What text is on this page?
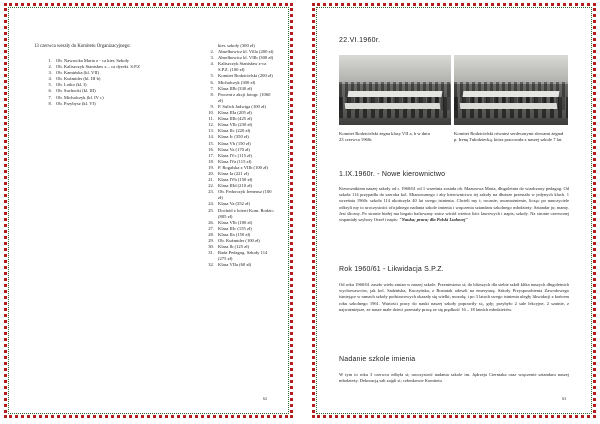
13 czerwca weszły do Komitetu Organizacyjnego:
1. Ob. Nawrocka Maria z - ca kier. Szkoły
2. Ob. Kaliszczyk Stanisław z – ca dyrekt. S.P.Z
3. Ob. Kamińska (kl. VII)
4. Ob. Kuźmider (kl. III b)
5. Ob. Lotko (kl. I)
6. Ob. Suchocki (kl. III)
7. Ob. Michalczyk (kl. IV c)
8. Ob. Przybysz (kl. VI)
kier. szkoły (300 zł)
2. Abselbowicz kl. Villa (200 zł)
3. Abselbowicz kl. VIIb (300 zł)
4. Kaliszczyk Stanisław z-ca S.P.Z. (100 zł)
5. Komitet Rodzicielski (200 zł)
6. Michalczyk (300 zł)
7. Klasa IIIb (330 zł)
8. Procent z akcji fotogr. (1060 zł)
9. P. Sulich Jadwiga (100 zł)
10. Klasa IIIa (205 zł)
11. Klasa IIIb (425 zł)
12. Klasa VIb (230 zł)
13. Klasa IIc (220 zł)
14. Klasa Ic (350 zł)
15. Klasa Vb (150 zł)
16. Klasa Va (170 zł)
17. Klasa IVc (115 zł)
18. Klasa IVa (115 zł)
19. P. Rogalska z VIIb (100 zł)
20. Klasa Ia (221 zł)
21. Klasa IVb (150 zł)
22. Klasa IIId (210 zł)
23. Ob. Fedorczyk Ireneusz (100 zł)
24. Klasa Va (352 zł)
25. Dochód z loterii Kom. Rodzic. (805 zł)
26. Klasa VIb (180 zł)
27. Klasa IIIc (155 zł)
28. Klasa IIa (150 zł)
29. Ob. Kuźmider (100 zł)
30. Klasa Ib (125 zł)
31. Rada Pedagog. Szkoły 114 (275 zł)
32. Klasa VIIa (60 zł)
62
22.VI.1960r.
Komitet Rodzicielski żegna klasy VII a, b w dniu 23 czerwca 1960r.
Komitet Rodzicielski również serdecznymi słowami żegnał p. Irenę Tułodziecką, która pracowała z naszej szkole 7 lat.
1.IX.1960r. - Nowe kierownictwo
Kierownikiem naszej szkoły od r. 1960/61 od 1 września została ob. Mazurowa Maria, długoletnia do wiadczony pedagog. Od szkoła 114 przypadła do szeroka kol. Mianowanego i aby kierownictwo tej szkoły na dłuższe przestało w jedynych klach. 1 września 1960r. szkoła 114 ukończyła 40 lat swego istnienia. Chcieli my t; rocznie; uwzmożnienie, licząc po nauczyciele odkryli my to uroczystości oficjalnego nadania szkole imienia i wręczenia sztandaru szkolnego młodzieży. Sztandar ju; mamy. Jest śliczny. Po stronie białej ma bogato haftowany znicz wśród wieńca liści laurowych i napis; szkoły. Na stronie czerwonej wspaniały szybory Orzeł i napis: "Nauka; praca; dla Polski Ludowej"
Rok 1960/61 - Likwidacja S.P.Z.
Od roku 1960/61 zaszło wielu zmian w naszej szkole. Przeniesiono si; do bliższych dla siebie szkół klika naszych długoletnich wychowawców, jak kol. Sadzińska, Kuczyńska, z Rosiniak odeszli na emeryturę. Szkoły Przysposobienia Zawodowego istniejące w ramach szkoły podstawowych okazały się wielki; mozolę; i po 3 latach swego istnienia uległy likwidacji z końcem roku szkolnego 1961. Wartości pracy do nauki naszej szkoły poprawiły si;, gdy; przybyło 2 sale lekcyjne, 2 szatnie, z najważniejsze, ze nasze małe dzieci przestały pracę ze się prędkość 16 – 18 latnich młodzieżów.
Nadanie szkole imienia
W tym to roku 3 czerwca odbyła si; uroczystość nadania szkole im. Jędrzeja Cierniaka oraz wręczenie sztandaru naszej młodzieży. Dekoracją sali zajęli si; członkowie Komitetu
63
